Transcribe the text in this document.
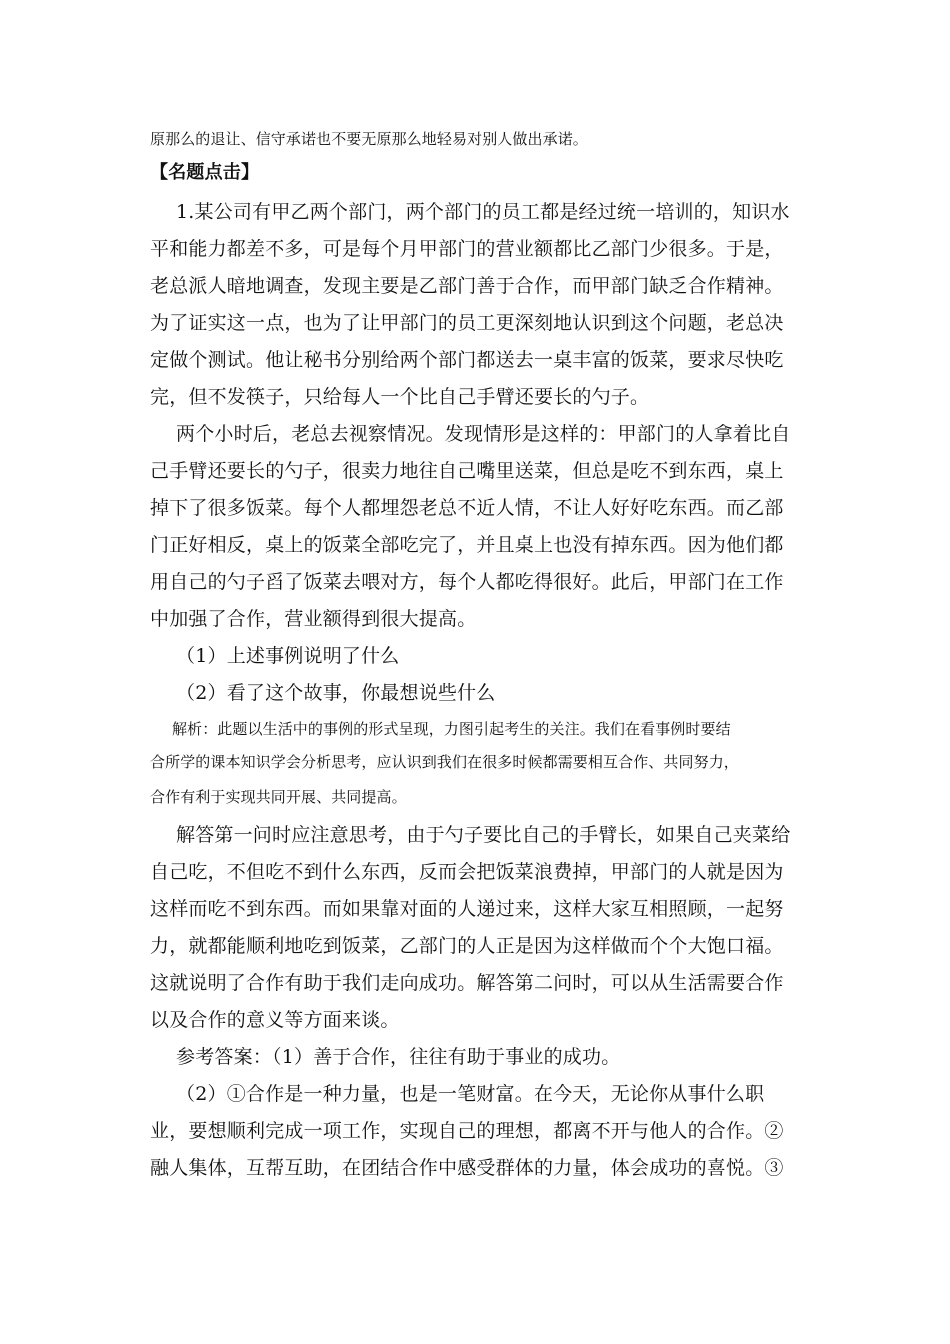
原那么的退让、信守承诺也不要无原那么地轻易对别人做出承诺。
【名题点击】
1.某公司有甲乙两个部门，两个部门的员工都是经过统一培训的，知识水
平和能力都差不多，可是每个月甲部门的营业额都比乙部门少很多。于是，
老总派人暗地调查，发现主要是乙部门善于合作，而甲部门缺乏合作精神。
为了证实这一点，也为了让甲部门的员工更深刻地认识到这个问题，老总决
定做个测试。他让秘书分别给两个部门都送去一桌丰富的饭菜，要求尽快吃
完，但不发筷子，只给每人一个比自己手臂还要长的勺子。
两个小时后，老总去视察情况。发现情形是这样的：甲部门的人拿着比自
己手臂还要长的勺子，很卖力地往自己嘴里送菜，但总是吃不到东西，桌上
掉下了很多饭菜。每个人都埋怨老总不近人情，不让人好好吃东西。而乙部
门正好相反，桌上的饭菜全部吃完了，并且桌上也没有掉东西。因为他们都
用自己的勺子舀了饭菜去喂对方，每个人都吃得很好。此后，甲部门在工作
中加强了合作，营业额得到很大提高。
（1）上述事例说明了什么
（2）看了这个故事，你最想说些什么
解析：此题以生活中的事例的形式呈现，力图引起考生的关注。我们在看事例时要结
合所学的课本知识学会分析思考，应认识到我们在很多时候都需要相互合作、共同努力，
合作有利于实现共同开展、共同提高。
解答第一问时应注意思考，由于勺子要比自己的手臂长，如果自己夹菜给
自己吃，不但吃不到什么东西，反而会把饭菜浪费掉，甲部门的人就是因为
这样而吃不到东西。而如果靠对面的人递过来，这样大家互相照顾，一起努
力，就都能顺利地吃到饭菜，乙部门的人正是因为这样做而个个大饱口福。
这就说明了合作有助于我们走向成功。解答第二问时，可以从生活需要合作
以及合作的意义等方面来谈。
参考答案：（1）善于合作，往往有助于事业的成功。
（2）①合作是一种力量，也是一笔财富。在今天，无论你从事什么职
业，要想顺利完成一项工作，实现自己的理想，都离不开与他人的合作。②
融人集体，互帮互助，在团结合作中感受群体的力量，体会成功的喜悦。③
